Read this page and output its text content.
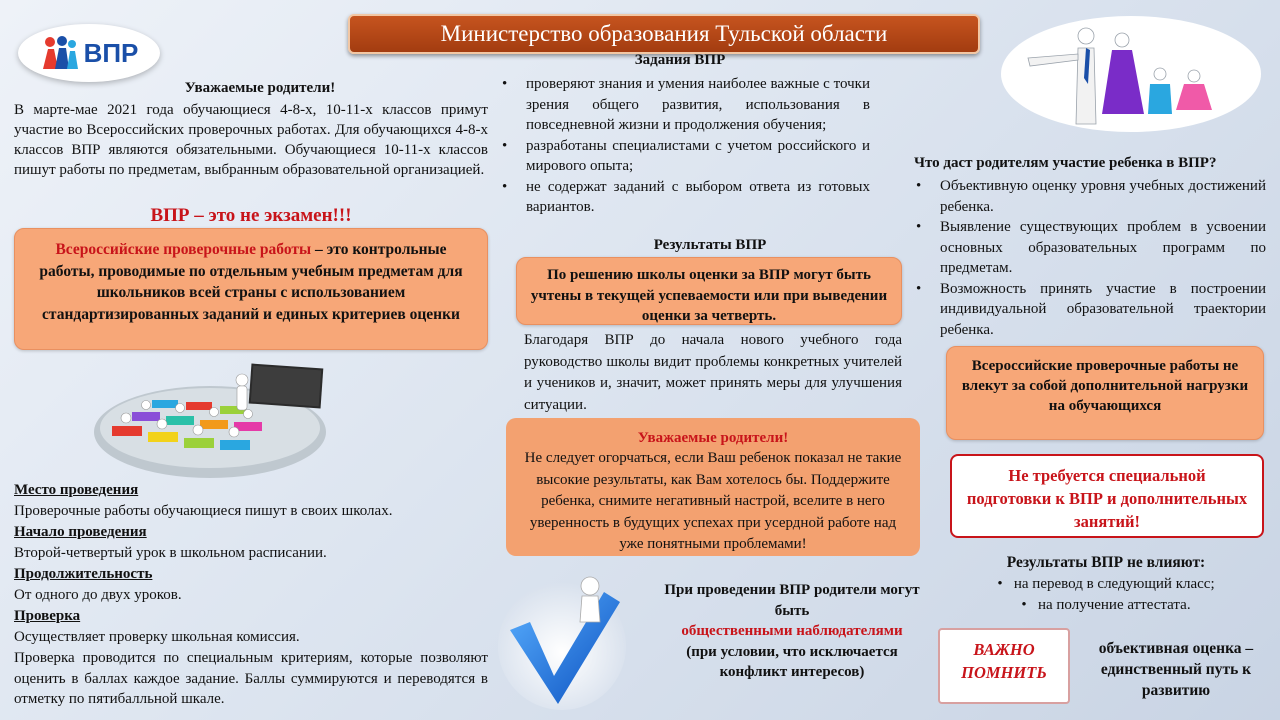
Министерство образования Тульской области
ВПР
Уважаемые родители!
В марте-мае 2021 года обучающиеся 4-8-х, 10-11-х классов примут участие во Всероссийских проверочных работах. Для обучающихся 4-8-х классов ВПР являются обязательными. Обучающиеся 10-11-х классов пишут работы по предметам, выбранным образовательной организацией.
ВПР – это не экзамен!!!
Всероссийские проверочные работы – это контрольные работы, проводимые по отдельным учебным предметам для школьников всей страны с использованием стандартизированных заданий и единых критериев оценки
Место проведения
Проверочные работы обучающиеся пишут в своих школах.
Начало проведения
Второй-четвертый урок в школьном расписании.
Продолжительность
От одного до двух уроков.
Проверка
Осуществляет проверку школьная комиссия.
Проверка проводится по специальным критериям, которые позволяют оценить в баллах каждое задание. Баллы суммируются и переводятся в отметку по пятибалльной шкале.
Задания ВПР
• проверяют знания и умения наиболее важные с точки зрения общего развития, использования в повседневной жизни и продолжения обучения;
• разработаны специалистами с учетом российского и мирового опыта;
• не содержат заданий с выбором ответа из готовых вариантов.
Результаты ВПР
По решению школы оценки за ВПР могут быть учтены в текущей успеваемости или при выведении оценки за четверть.
Благодаря ВПР до начала нового учебного года руководство школы видит проблемы конкретных учителей и учеников и, значит, может принять меры для улучшения ситуации.
Уважаемые родители!
Не следует огорчаться, если Ваш ребенок показал не такие высокие результаты, как Вам хотелось бы. Поддержите ребенка, снимите негативный настрой, вселите в него уверенность в будущих успехах при усердной работе над уже понятными проблемами!
При проведении ВПР родители могут быть
общественными наблюдателями
(при условии, что исключается конфликт интересов)
Что даст родителям участие ребенка в ВПР?
• Объективную оценку уровня учебных достижений ребенка.
• Выявление существующих проблем в усвоении основных образовательных программ по предметам.
• Возможность принять участие в построении индивидуальной образовательной траектории ребенка.
Всероссийские проверочные работы не влекут за собой дополнительной нагрузки на обучающихся
Не требуется специальной подготовки к ВПР и дополнительных занятий!
Результаты ВПР не влияют:
•   на перевод в следующий класс;
•   на получение аттестата.
ВАЖНО ПОМНИТЬ
объективная оценка – единственный путь к развитию
